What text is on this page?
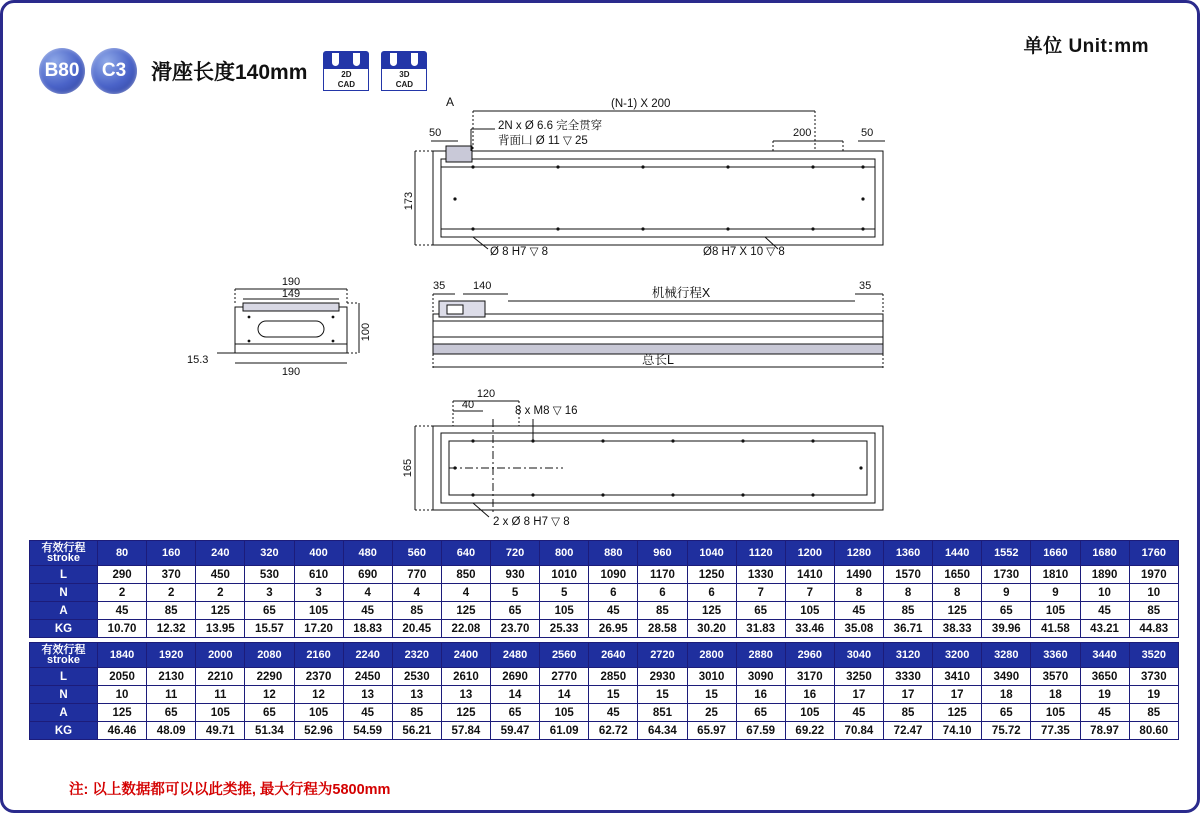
单位 Unit:mm
B80	C3	滑座长度140mm	2D
CAD
3D
CAD
A
50	50
200
(N-1) X 200
173
2N x Ø 6.6 完全贯穿
背面凵 Ø 11 ▽ 25
Ø 8 H7 ▽ 8	Ø8 H7 X 10 ▽ 8
190
149
190
100
15.3
35	140	35
机械行程X
总长L
120
40	8 x M8 ▽ 16
165
2 x Ø 8 H7 ▽ 8
有效行程
stroke	80	160	240	320	400	480	560	640	720	800	880	960	1040	1120	1200	1280	1360	1440	1552	1660	1680	1760
L	290	370	450	530	610	690	770	850	930	1010	1090	1170	1250	1330	1410	1490	1570	1650	1730	1810	1890	1970
N	2	2	2	3	3	4	4	4	5	5	6	6	6	7	7	8	8	8	9	9	10	10
A	45	85	125	65	105	45	85	125	65	105	45	85	125	65	105	45	85	125	65	105	45	85
KG	10.70	12.32	13.95	15.57	17.20	18.83	20.45	22.08	23.70	25.33	26.95	28.58	30.20	31.83	33.46	35.08	36.71	38.33	39.96	41.58	43.21	44.83
有效行程
stroke	1840	1920	2000	2080	2160	2240	2320	2400	2480	2560	2640	2720	2800	2880	2960	3040	3120	3200	3280	3360	3440	3520
L	2050	2130	2210	2290	2370	2450	2530	2610	2690	2770	2850	2930	3010	3090	3170	3250	3330	3410	3490	3570	3650	3730
N	10	11	11	12	12	13	13	13	14	14	15	15	15	16	16	17	17	17	18	18	19	19
A	125	65	105	65	105	45	85	125	65	105	45	851	25	65	105	45	85	125	65	105	45	85
KG	46.46	48.09	49.71	51.34	52.96	54.59	56.21	57.84	59.47	61.09	62.72	64.34	65.97	67.59	69.22	70.84	72.47	74.10	75.72	77.35	78.97	80.60
注: 以上数据都可以以此类推, 最大行程为5800mm
